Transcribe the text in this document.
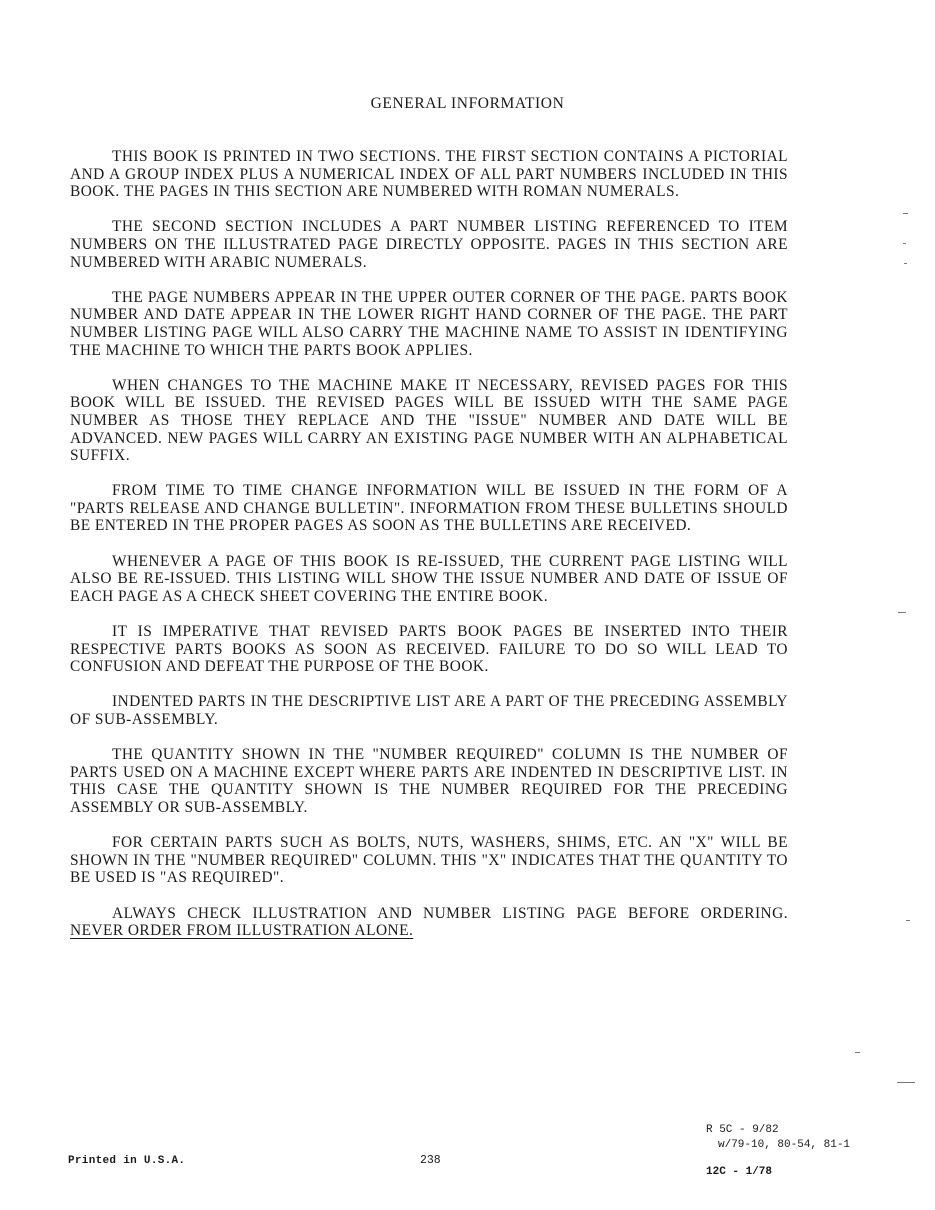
GENERAL INFORMATION

THIS BOOK IS PRINTED IN TWO SECTIONS. THE FIRST SECTION CONTAINS A PICTORIAL AND A GROUP INDEX PLUS A NUMERICAL INDEX OF ALL PART NUMBERS INCLUDED IN THIS BOOK. THE PAGES IN THIS SECTION ARE NUMBERED WITH ROMAN NUMERALS.

THE SECOND SECTION INCLUDES A PART NUMBER LISTING REFERENCED TO ITEM NUMBERS ON THE ILLUSTRATED PAGE DIRECTLY OPPOSITE. PAGES IN THIS SECTION ARE NUMBERED WITH ARABIC NUMERALS.

THE PAGE NUMBERS APPEAR IN THE UPPER OUTER CORNER OF THE PAGE. PARTS BOOK NUMBER AND DATE APPEAR IN THE LOWER RIGHT HAND CORNER OF THE PAGE. THE PART NUMBER LISTING PAGE WILL ALSO CARRY THE MACHINE NAME TO ASSIST IN IDENTIFYING THE MACHINE TO WHICH THE PARTS BOOK APPLIES.

WHEN CHANGES TO THE MACHINE MAKE IT NECESSARY, REVISED PAGES FOR THIS BOOK WILL BE ISSUED. THE REVISED PAGES WILL BE ISSUED WITH THE SAME PAGE NUMBER AS THOSE THEY REPLACE AND THE "ISSUE" NUMBER AND DATE WILL BE ADVANCED. NEW PAGES WILL CARRY AN EXISTING PAGE NUMBER WITH AN ALPHABETICAL SUFFIX.

FROM TIME TO TIME CHANGE INFORMATION WILL BE ISSUED IN THE FORM OF A "PARTS RELEASE AND CHANGE BULLETIN". INFORMATION FROM THESE BULLETINS SHOULD BE ENTERED IN THE PROPER PAGES AS SOON AS THE BULLETINS ARE RECEIVED.

WHENEVER A PAGE OF THIS BOOK IS RE-ISSUED, THE CURRENT PAGE LISTING WILL ALSO BE RE-ISSUED. THIS LISTING WILL SHOW THE ISSUE NUMBER AND DATE OF ISSUE OF EACH PAGE AS A CHECK SHEET COVERING THE ENTIRE BOOK.

IT IS IMPERATIVE THAT REVISED PARTS BOOK PAGES BE INSERTED INTO THEIR RESPECTIVE PARTS BOOKS AS SOON AS RECEIVED. FAILURE TO DO SO WILL LEAD TO CONFUSION AND DEFEAT THE PURPOSE OF THE BOOK.

INDENTED PARTS IN THE DESCRIPTIVE LIST ARE A PART OF THE PRECEDING ASSEMBLY OF SUB-ASSEMBLY.

THE QUANTITY SHOWN IN THE "NUMBER REQUIRED" COLUMN IS THE NUMBER OF PARTS USED ON A MACHINE EXCEPT WHERE PARTS ARE INDENTED IN DESCRIPTIVE LIST. IN THIS CASE THE QUANTITY SHOWN IS THE NUMBER REQUIRED FOR THE PRECEDING ASSEMBLY OR SUB-ASSEMBLY.

FOR CERTAIN PARTS SUCH AS BOLTS, NUTS, WASHERS, SHIMS, ETC. AN "X" WILL BE SHOWN IN THE "NUMBER REQUIRED" COLUMN. THIS "X" INDICATES THAT THE QUANTITY TO BE USED IS "AS REQUIRED".

ALWAYS CHECK ILLUSTRATION AND NUMBER LISTING PAGE BEFORE ORDERING. NEVER ORDER FROM ILLUSTRATION ALONE.

Printed in U.S.A.	238
R 5C - 9/82
w/79-10, 80-54, 81-1
12C - 1/78
